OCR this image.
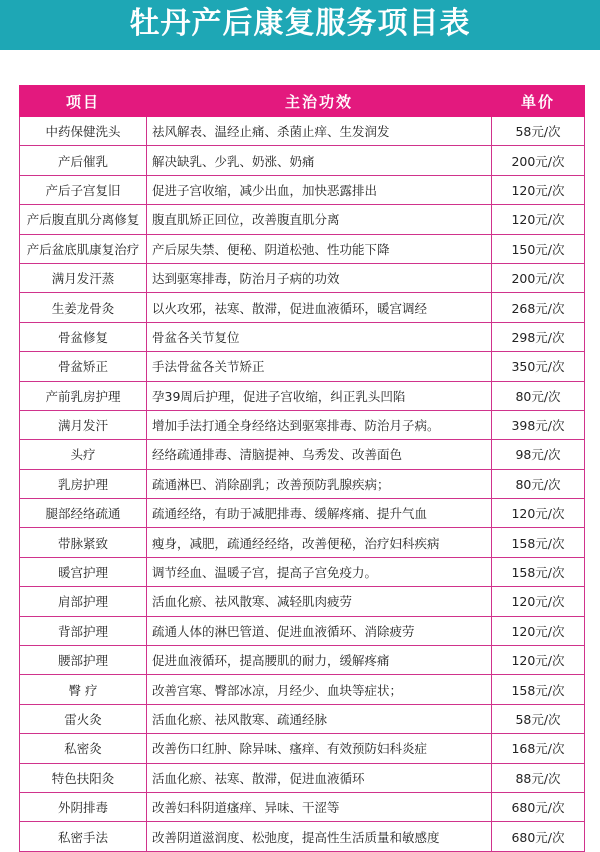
牡丹产后康复服务项目表
项目	主治功效	单价
中药保健洗头	祛风解表、温经止痛、杀菌止痒、生发润发	58元/次
产后催乳	解决缺乳、少乳、奶涨、奶痛	200元/次
产后子宫复旧	促进子宫收缩，减少出血，加快恶露排出	120元/次
产后腹直肌分离修复	腹直肌矫正回位，改善腹直肌分离	120元/次
产后盆底肌康复治疗	产后尿失禁、便秘、阴道松弛、性功能下降	150元/次
满月发汗蒸	达到驱寒排毒，防治月子病的功效	200元/次
生姜龙骨灸	以火攻邪，祛寒、散滞，促进血液循环，暖宫调经	268元/次
骨盆修复	骨盆各关节复位	298元/次
骨盆矫正	手法骨盆各关节矫正	350元/次
产前乳房护理	孕39周后护理，促进子宫收缩，纠正乳头凹陷	80元/次
满月发汗	增加手法打通全身经络达到驱寒排毒、防治月子病。	398元/次
头疗	经络疏通排毒、清脑提神、乌秀发、改善面色	98元/次
乳房护理	疏通淋巴、消除副乳；改善预防乳腺疾病；	80元/次
腿部经络疏通	疏通经络，有助于减肥排毒、缓解疼痛、提升气血	120元/次
带脉紧致	瘦身，减肥，疏通经经络，改善便秘，治疗妇科疾病	158元/次
暖宫护理	调节经血、温暖子宫，提高子宫免疫力。	158元/次
肩部护理	活血化瘀、祛风散寒、减轻肌肉疲劳	120元/次
背部护理	疏通人体的淋巴管道、促进血液循环、消除疲劳	120元/次
腰部护理	促进血液循环，提高腰肌的耐力，缓解疼痛	120元/次
臀 疗	改善宫寒、臀部冰凉，月经少、血块等症状；	158元/次
雷火灸	活血化瘀、祛风散寒、疏通经脉	58元/次
私密灸	改善伤口红肿、除异味、瘙痒、有效预防妇科炎症	168元/次
特色扶阳灸	活血化瘀、祛寒、散滞，促进血液循环	88元/次
外阴排毒	改善妇科阴道瘙痒、异味、干涩等	680元/次
私密手法	改善阴道滋润度、松弛度，提高性生活质量和敏感度	680元/次
